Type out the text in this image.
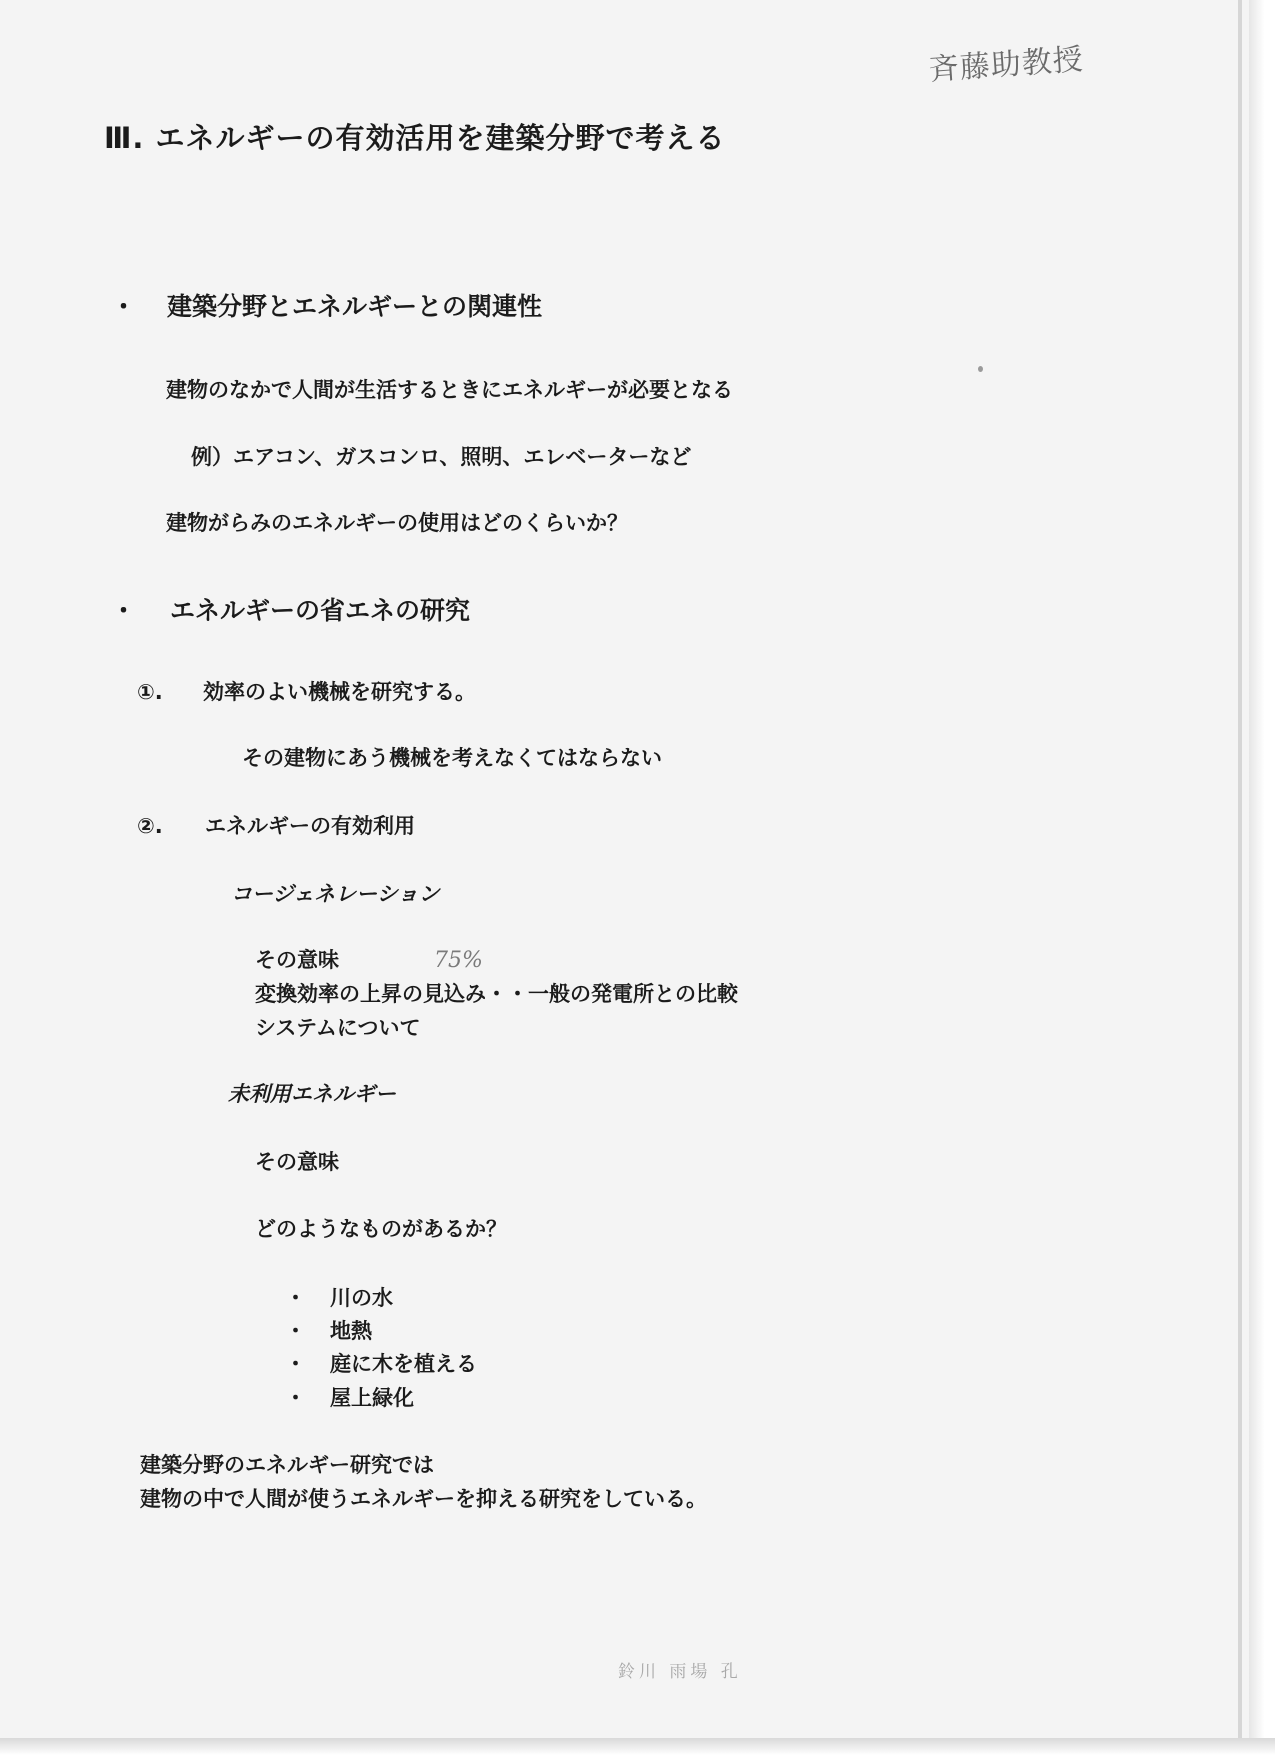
斉藤助教授

Ⅲ. エネルギーの有効活用を建築分野で考える
・ 建築分野とエネルギーとの関連性

建物のなかで人間が生活するときにエネルギーが必要となる

例）エアコン、ガスコンロ、照明、エレベーターなど

建物がらみのエネルギーの使用はどのくらいか？

・ エネルギーの省エネの研究
①. 効率のよい機械を研究する。

その建物にあう機械を考えなくてはならない

②. エネルギーの有効利用
コージェネレーション

その意味	75%

変換効率の上昇の見込み・・一般の発電所との比較

システムについて

未利用エネルギー

その意味

どのようなものがあるか？

・ 川の水

・ 地熱

・ 庭に木を植える

・ 屋上緑化

建築分野のエネルギー研究では

建物の中で人間が使うエネルギーを抑える研究をしている。

鈴川 雨場 孔
